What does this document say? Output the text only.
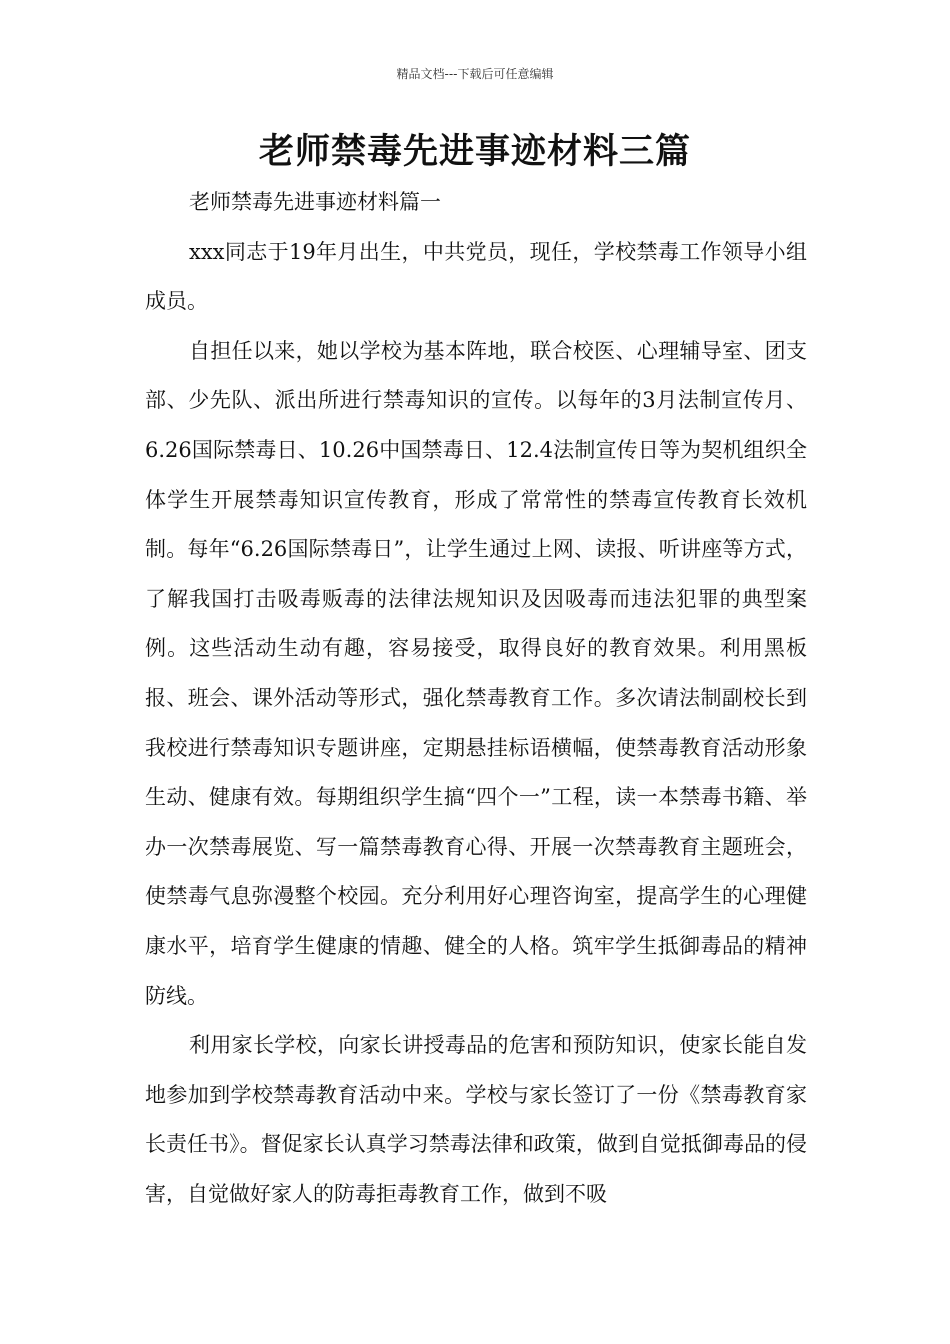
精品文档---下载后可任意编辑
老师禁毒先进事迹材料三篇

老师禁毒先进事迹材料篇一

xxx同志于19年月出生，中共党员，现任，学校禁毒工作领导小组成员。

自担任以来，她以学校为基本阵地，联合校医、心理辅导室、团支部、少先队、派出所进行禁毒知识的宣传。以每年的3月法制宣传月、6.26国际禁毒日、10.26中国禁毒日、12.4法制宣传日等为契机组织全体学生开展禁毒知识宣传教育，形成了常常性的禁毒宣传教育长效机制。每年“6.26国际禁毒日”，让学生通过上网、读报、听讲座等方式，了解我国打击吸毒贩毒的法律法规知识及因吸毒而违法犯罪的典型案例。这些活动生动有趣，容易接受，取得良好的教育效果。利用黑板报、班会、课外活动等形式，强化禁毒教育工作。多次请法制副校长到我校进行禁毒知识专题讲座，定期悬挂标语横幅，使禁毒教育活动形象生动、健康有效。每期组织学生搞“四个一”工程，读一本禁毒书籍、举办一次禁毒展览、写一篇禁毒教育心得、开展一次禁毒教育主题班会，使禁毒气息弥漫整个校园。充分利用好心理咨询室，提高学生的心理健康水平，培育学生健康的情趣、健全的人格。筑牢学生抵御毒品的精神防线。

利用家长学校，向家长讲授毒品的危害和预防知识，使家长能自发地参加到学校禁毒教育活动中来。学校与家长签订了一份《禁毒教育家长责任书》。督促家长认真学习禁毒法律和政策，做到自觉抵御毒品的侵害，自觉做好家人的防毒拒毒教育工作，做到不吸
